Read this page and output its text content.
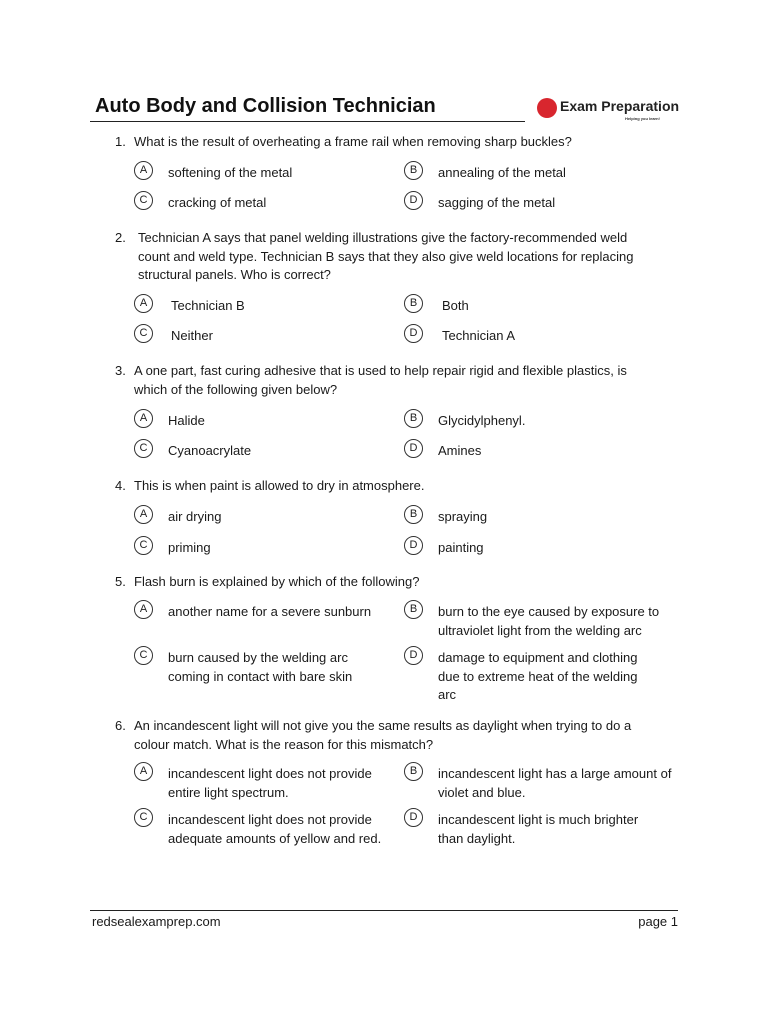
Auto Body and Collision Technician	Exam Preparation
Helping you learn!
1. What is the result of overheating a frame rail when removing sharp buckles?
A	softening of the metal	B	annealing of the metal
C	cracking of metal	D	sagging of the metal
2. Technician A says that panel welding illustrations give the factory-recommended weld count and weld type. Technician B says that they also give weld locations for replacing structural panels. Who is correct?
A	Technician B	B	Both
C	Neither	D	Technician A
3. A one part, fast curing adhesive that is used to help repair rigid and flexible plastics, is which of the following given below?
A	Halide	B	Glycidylphenyl.
C	Cyanoacrylate	D	Amines
4. This is when paint is allowed to dry in atmosphere.
A	air drying	B	spraying
C	priming	D	painting
5. Flash burn is explained by which of the following?
A	another name for a severe sunburn	B	burn to the eye caused by exposure to ultraviolet light from the welding arc
C	burn caused by the welding arc coming in contact with bare skin
D	damage to equipment and clothing due to extreme heat of the welding arc
6. An incandescent light will not give you the same results as daylight when trying to do a colour match. What is the reason for this mismatch?
A	incandescent light does not provide entire light spectrum.
B	incandescent light has a large amount of violet and blue.
C	incandescent light does not provide adequate amounts of yellow and red.
D	incandescent light is much brighter than daylight.
redsealexamprep.com	page 1
